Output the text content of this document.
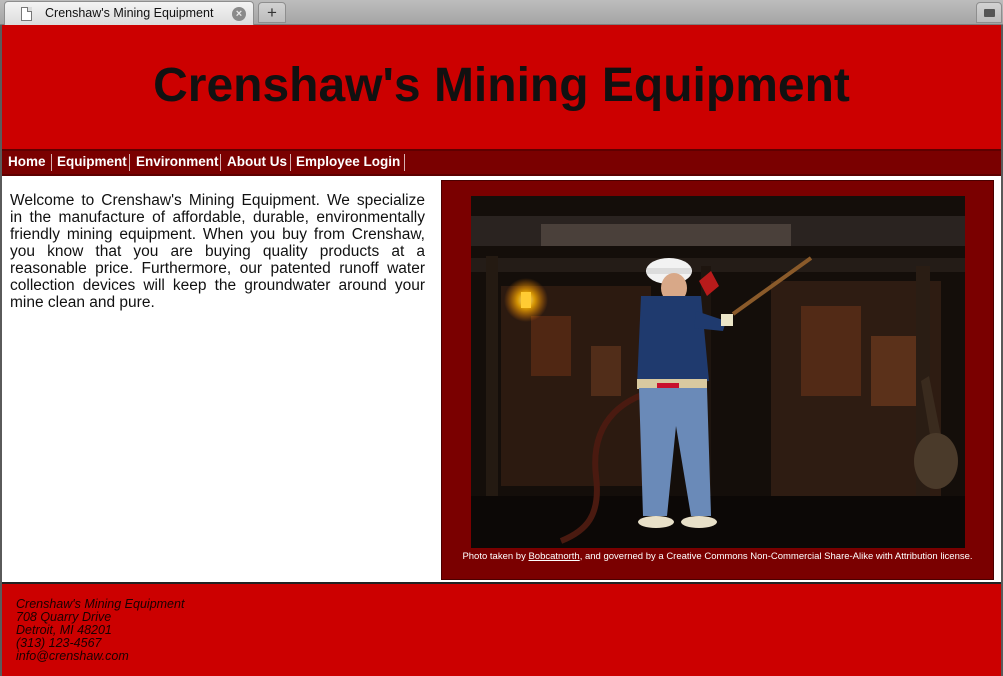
Crenshaw's Mining Equipment	×	+
Crenshaw's Mining Equipment
Home Equipment Environment About Us Employee Login

Welcome to Crenshaw's Mining Equipment. We specialize in the manufacture of affordable, durable, environmentally friendly mining equipment. When you buy from Crenshaw, you know that you are buying quality products at a reasonable price. Furthermore, our patented runoff water collection devices will keep the groundwater around your mine clean and pure.

Photo taken by Bobcatnorth, and governed by a Creative Commons Non-Commercial Share-Alike with Attribution license.
Crenshaw's Mining Equipment
708 Quarry Drive
Detroit, MI 48201
(313) 123-4567
info@crenshaw.com
